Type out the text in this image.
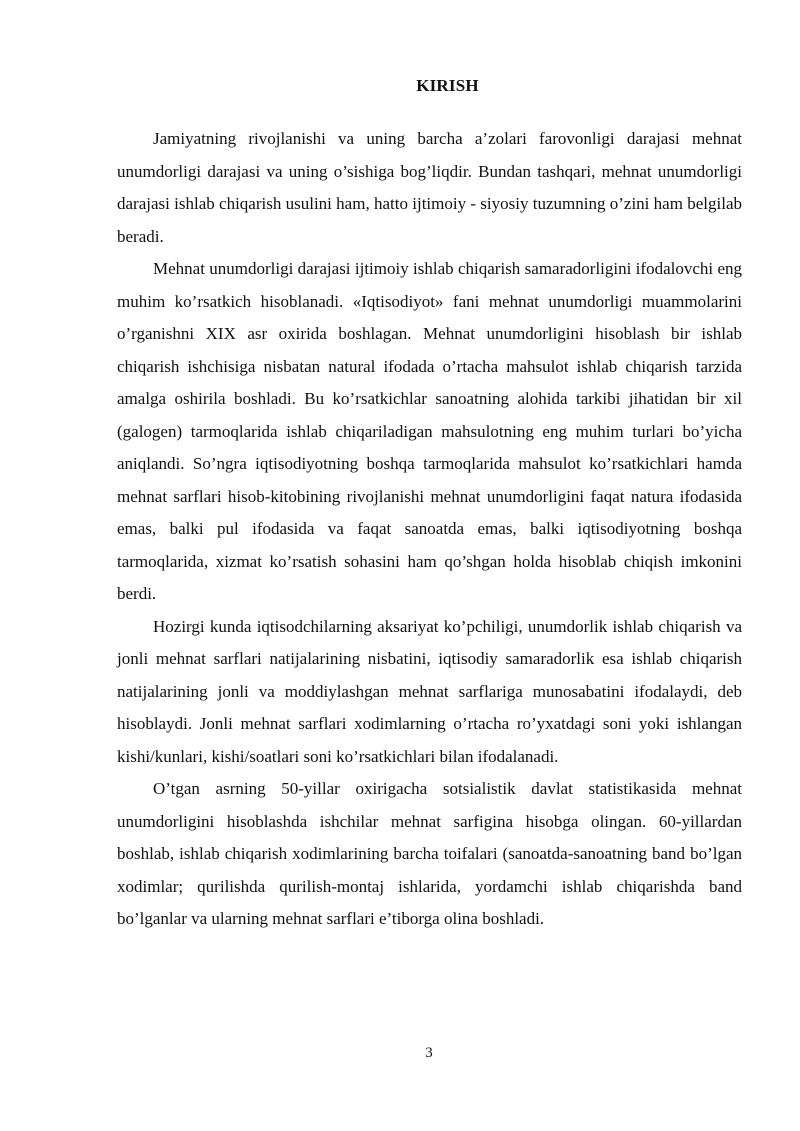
KIRISH

Jamiyatning rivojlanishi va uning barcha a’zolari farovonligi darajasi mehnat unumdorligi darajasi va uning o’sishiga bog’liqdir. Bundan tashqari, mehnat unumdorligi darajasi ishlab chiqarish usulini ham, hatto ijtimoiy - siyosiy tuzumning o’zini ham belgilab beradi.

Mehnat unumdorligi darajasi ijtimoiy ishlab chiqarish samaradorligini ifodalovchi eng muhim ko’rsatkich hisoblanadi. «Iqtisodiyot» fani mehnat unumdorligi muammolarini o’rganishni XIX asr oxirida boshlagan. Mehnat unumdorligini hisoblash bir ishlab chiqarish ishchisiga nisbatan natural ifodada o’rtacha mahsulot ishlab chiqarish tarzida amalga oshirila boshladi. Bu ko’rsatkichlar sanoatning alohida tarkibi jihatidan bir xil (galogen) tarmoqlarida ishlab chiqariladigan mahsulotning eng muhim turlari bo’yicha aniqlandi. So’ngra iqtisodiyotning boshqa tarmoqlarida mahsulot ko’rsatkichlari hamda mehnat sarflari hisob-kitobining rivojlanishi mehnat unumdorligini faqat natura ifodasida emas, balki pul ifodasida va faqat sanoatda emas, balki iqtisodiyotning boshqa tarmoqlarida, xizmat ko’rsatish sohasini ham qo’shgan holda hisoblab chiqish imkonini berdi.

Hozirgi kunda iqtisodchilarning aksariyat ko’pchiligi, unumdorlik ishlab chiqarish va jonli mehnat sarflari natijalarining nisbatini, iqtisodiy samaradorlik esa ishlab chiqarish natijalarining jonli va moddiylashgan mehnat sarflariga munosabatini ifodalaydi, deb hisoblaydi. Jonli mehnat sarflari xodimlarning o’rtacha ro’yxatdagi soni yoki ishlangan kishi/kunlari, kishi/soatlari soni ko’rsatkichlari bilan ifodalanadi.

O’tgan asrning 50-yillar oxirigacha sotsialistik davlat statistikasida mehnat unumdorligini hisoblashda ishchilar mehnat sarfigina hisobga olingan. 60-yillardan boshlab, ishlab chiqarish xodimlarining barcha toifalari (sanoatda-sanoatning band bo’lgan xodimlar; qurilishda qurilish-montaj ishlarida, yordamchi ishlab chiqarishda band bo’lganlar va ularning mehnat sarflari e’tiborga olina boshladi.

3
